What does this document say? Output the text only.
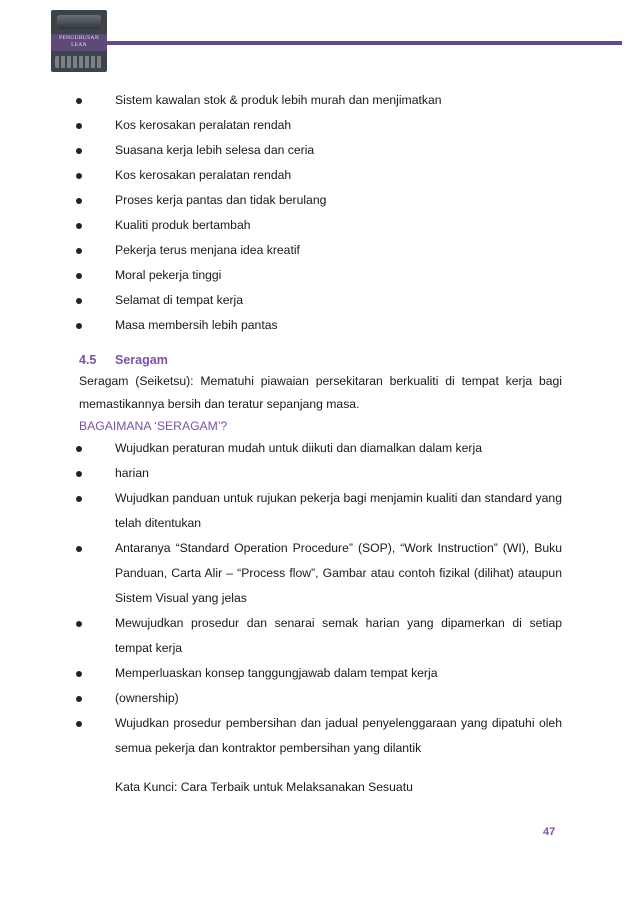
PENGURUSAN
LEAN
Sistem kawalan stok & produk lebih murah dan menjimatkan
Kos kerosakan peralatan rendah
Suasana kerja lebih selesa dan ceria
Kos kerosakan peralatan rendah
Proses kerja pantas dan tidak berulang
Kualiti produk bertambah
Pekerja terus menjana idea kreatif
Moral pekerja tinggi
Selamat di tempat kerja
Masa membersih lebih pantas
4.5	Seragam
Seragam (Seiketsu): Mematuhi piawaian persekitaran berkualiti di tempat kerja bagi memastikannya bersih dan teratur sepanjang masa.
BAGAIMANA ‘SERAGAM’?
Wujudkan peraturan mudah untuk diikuti dan diamalkan dalam kerja
harian
Wujudkan panduan untuk rujukan pekerja bagi menjamin kualiti dan standard yang telah ditentukan
Antaranya “Standard Operation Procedure” (SOP), “Work Instruction” (WI), Buku Panduan, Carta Alir – “Process flow”, Gambar atau contoh fizikal (dilihat) ataupun Sistem Visual yang jelas
Mewujudkan prosedur dan senarai semak harian yang dipamerkan di setiap tempat kerja
Memperluaskan konsep tanggungjawab dalam tempat kerja
(ownership)
Wujudkan prosedur pembersihan dan jadual penyelenggaraan yang dipatuhi oleh semua pekerja dan kontraktor pembersihan yang dilantik
Kata Kunci: Cara Terbaik untuk Melaksanakan Sesuatu
47
